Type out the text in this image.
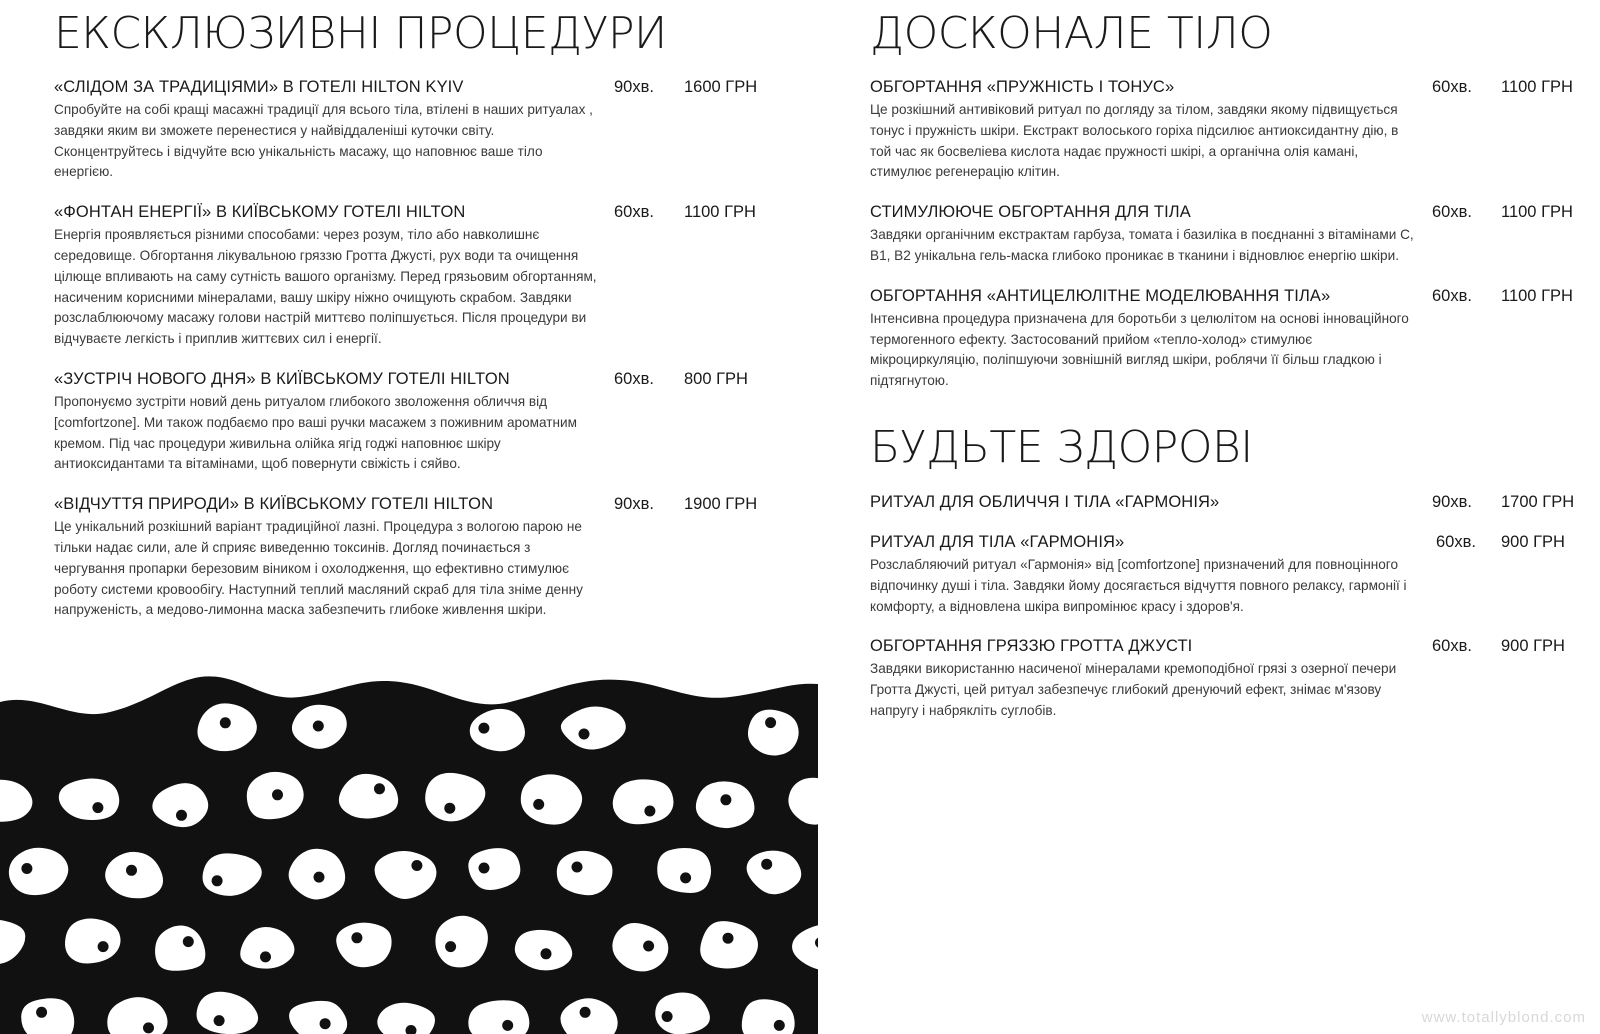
ЕКСКЛЮЗИВНІ ПРОЦЕДУРИ
«СЛІДОМ ЗА ТРАДИЦІЯМИ» В ГОТЕЛІ HILTON KYIV	90хв. 1600 ГРН

Спробуйте на собі кращі масажні традиції для всього тіла, втілені в наших ритуалах , завдяки яким ви зможете перенестися у найвіддаленіші куточки світу. Сконцентруйтесь і відчуйте всю унікальність масажу, що наповнює ваше тіло енергією.

«ФОНТАН ЕНЕРГІЇ» В КИЇВСЬКОМУ ГОТЕЛІ HILTON	60хв. 1100 ГРН

Енергія проявляється різними способами: через розум, тіло або навколишнє середовище. Обгортання лікувальною гряззю Гротта Джусті, рух води та очищення цілюще впливають на саму сутність вашого організму. Перед грязьовим обгортанням, насиченим корисними мінералами, вашу шкіру ніжно очищують скрабом. Завдяки розслаблюючому масажу голови настрій миттєво поліпшується. Після процедури ви відчуваєте легкість і приплив життєвих сил і енергії.

«ЗУСТРІЧ НОВОГО ДНЯ» В КИЇВСЬКОМУ ГОТЕЛІ HILTON	60хв. 800 ГРН

Пропонуємо зустріти новий день ритуалом глибокого зволоження обличчя від [comfortzone]. Ми також подбаємо про ваші ручки масажем з поживним ароматним кремом. Під час процедури живильна олійка ягід годжі наповнює шкіру антиоксидантами та вітамінами, щоб повернути свіжість і сяйво.

«ВІДЧУТТЯ ПРИРОДИ» В КИЇВСЬКОМУ ГОТЕЛІ HILTON	90хв. 1900 ГРН

Це унікальний розкішний варіант традиційної лазні. Процедура з вологою парою не тільки надає сили, але й сприяє виведенню токсинів. Догляд починається з чергування пропарки березовим віником і охолодження, що ефективно стимулює роботу системи кровообігу. Наступний теплий масляний скраб для тіла зніме денну напруженість, а медово-лимонна маска забезпечить глибоке живлення шкіри.

ДОСКОНАЛЕ ТІЛО
ОБГОРТАННЯ «ПРУЖНІСТЬ І ТОНУС»	60хв. 1100 ГРН

Це розкішний антивіковий ритуал по догляду за тілом, завдяки якому підвищується тонус і пружність шкіри. Екстракт волоського горіха підсилює антиоксидантну дію, в той час як босвеліева кислота надає пружності шкірі, а органічна олія камані, стимулює регенерацію клітин.

СТИМУЛЮЮЧЕ ОБГОРТАННЯ ДЛЯ ТІЛА	60хв. 1100 ГРН

Завдяки органічним екстрактам гарбуза, томата і базиліка в поєднанні з вітамінами С, В1, В2 унікальна гель-маска глибоко проникає в тканини і відновлює енергію шкіри.

ОБГОРТАННЯ «АНТИЦЕЛЮЛІТНЕ МОДЕЛЮВАННЯ ТІЛА»	60хв. 1100 ГРН

Інтенсивна процедура призначена для боротьби з целюлітом на основі інноваційного термогенного ефекту. Застосований прийом «тепло-холод» стимулює мікроциркуляцію, поліпшуючи зовнішній вигляд шкіри, роблячи її більш гладкою і підтягнутою.

БУДЬТЕ ЗДОРОВІ
РИТУАЛ ДЛЯ ОБЛИЧЧЯ І ТІЛА «ГАРМОНІЯ»	90хв. 1700 ГРН
РИТУАЛ ДЛЯ ТІЛА «ГАРМОНІЯ»	60хв. 900 ГРН

Розслабляючий ритуал «Гармонія» від [comfortzone] призначений для повноцінного відпочинку душі і тіла. Завдяки йому досягається відчуття повного релаксу, гармонії і комфорту, а відновлена шкіра випромінює красу і здоров'я.

ОБГОРТАННЯ ГРЯЗЗЮ ГРОТТА ДЖУСТІ	60хв. 900 ГРН

Завдяки використанню насиченої мінералами кремоподібної грязі з озерної печери Гротта Джусті, цей ритуал забезпечує глибокий дренуючий ефект, знімає м'язову напругу і набрякліть суглобів.

www.totallyblond.com
